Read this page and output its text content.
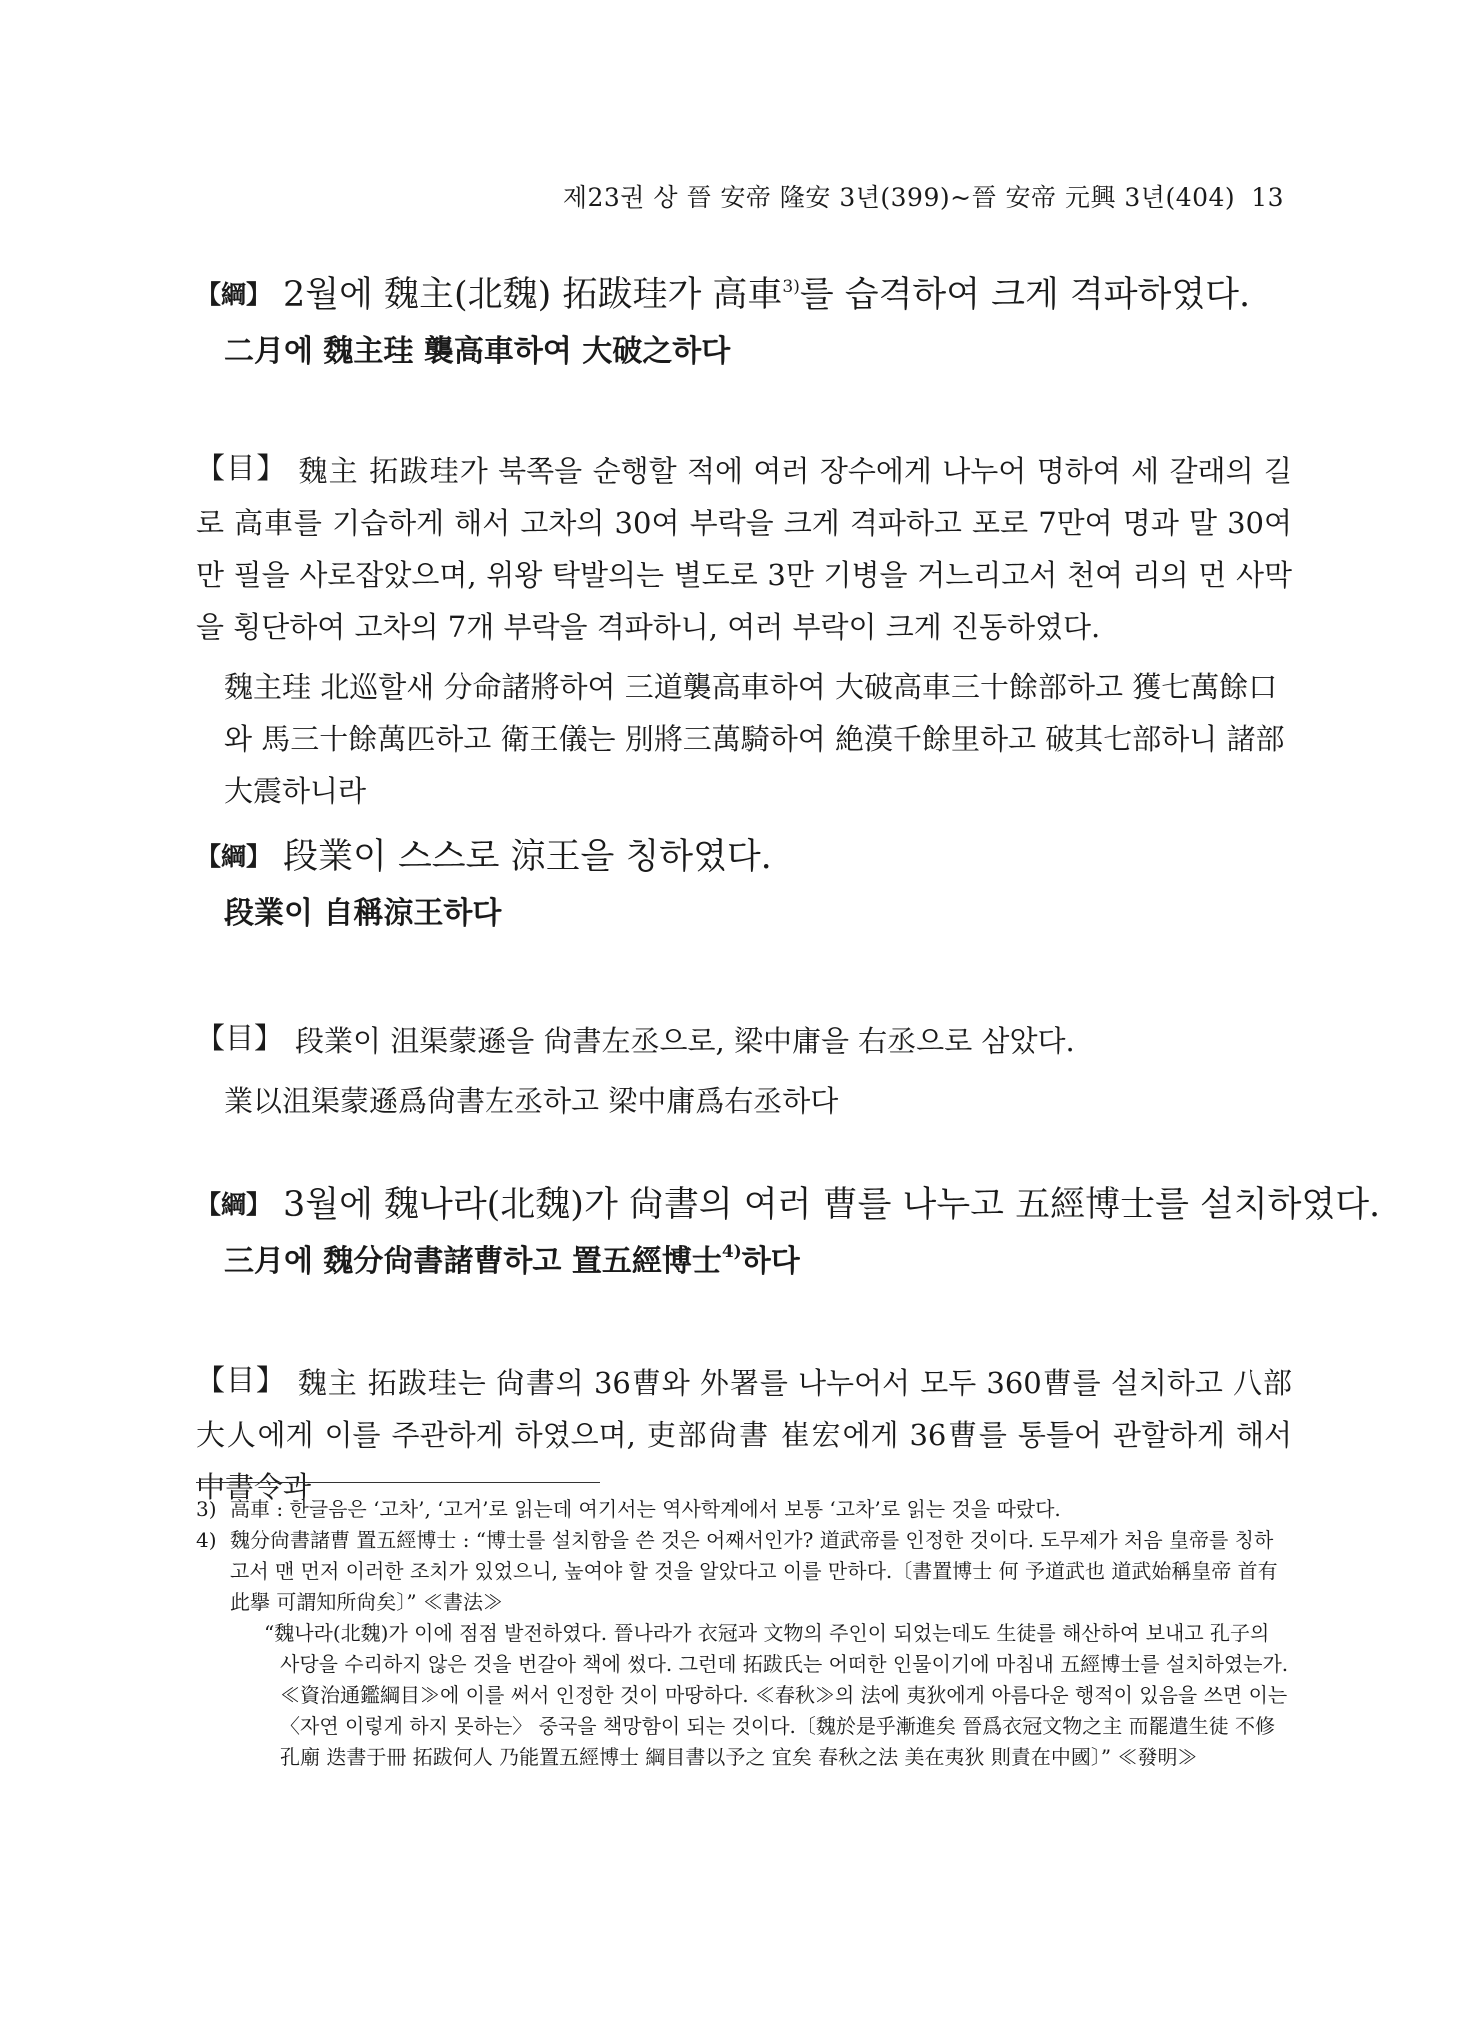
제23권 상 晉 安帝 隆安 3년(399)~晉 安帝 元興 3년(404) 13
【綱】 2월에 魏主(北魏) 拓跋珪가 高車$^{3)}$를 습격하여 크게 격파하였다.
二月에 魏主珪 襲高車하여 大破之하다
【目】 魏主 拓跋珪가 북쪽을 순행할 적에 여러 장수에게 나누어 명하여 세 갈래의 길로 高車를 기습하게 해서 고차의 30여 부락을 크게 격파하고 포로 7만여 명과 말 30여만 필을 사로잡았으며, 위왕 탁발의는 별도로 3만 기병을 거느리고서 천여 리의 먼 사막을 횡단하여 고차의 7개 부락을 격파하니, 여러 부락이 크게 진동하였다.
魏主珪 北巡할새 分命諸將하여 三道襲高車하여 大破高車三十餘部하고 獲七萬餘口와 馬三十餘萬匹하고 衛王儀는 別將三萬騎하여 絶漠千餘里하고 破其七部하니 諸部大震하니라
【綱】 段業이 스스로 涼王을 칭하였다.
段業이 自稱涼王하다
【目】 段業이 沮渠蒙遜을 尙書左丞으로, 梁中庸을 右丞으로 삼았다.
業以沮渠蒙遜爲尙書左丞하고 梁中庸爲右丞하다
【綱】 3월에 魏나라(北魏)가 尙書의 여러 曹를 나누고 五經博士를 설치하였다.
三月에 魏分尙書諸曹하고 置五經博士$^{4)}$하다
【目】 魏主 拓跋珪는 尙書의 36曹와 外署를 나누어서 모두 360曹를 설치하고 八部大人에게 이를 주관하게 하였으며, 吏部尙書 崔宏에게 36曹를 통틀어 관할하게 해서 中書令과
3) 高車 : 한글음은 ‘고차’, ‘고거’로 읽는데 여기서는 역사학계에서 보통 ‘고차’로 읽는 것을 따랐다.
4) 魏分尙書諸曹 置五經博士 : “博士를 설치함을 쓴 것은 어째서인가? 道武帝를 인정한 것이다. 도무제가 처음 皇帝를 칭하고서 맨 먼저 이러한 조치가 있었으니, 높여야 할 것을 알았다고 이를 만하다.〔書置博士 何 予道武也 道武始稱皇帝 首有此擧 可謂知所尙矣〕” ≪書法≫
“魏나라(北魏)가 이에 점점 발전하였다. 晉나라가 衣冠과 文物의 주인이 되었는데도 生徒를 해산하여 보내고 孔子의 사당을 수리하지 않은 것을 번갈아 책에 썼다. 그런데 拓跋氏는 어떠한 인물이기에 마침내 五經博士를 설치하였는가. ≪資治通鑑綱目≫에 이를 써서 인정한 것이 마땅하다. ≪春秋≫의 法에 夷狄에게 아름다운 행적이 있음을 쓰면 이는 〈자연 이렇게 하지 못하는〉 중국을 책망함이 되는 것이다.〔魏於是乎漸進矣 晉爲衣冠文物之主 而罷遣生徒 不修孔廟 迭書于冊 拓跋何人 乃能置五經博士 綱目書以予之 宜矣 春秋之法 美在夷狄 則責在中國〕” ≪發明≫
